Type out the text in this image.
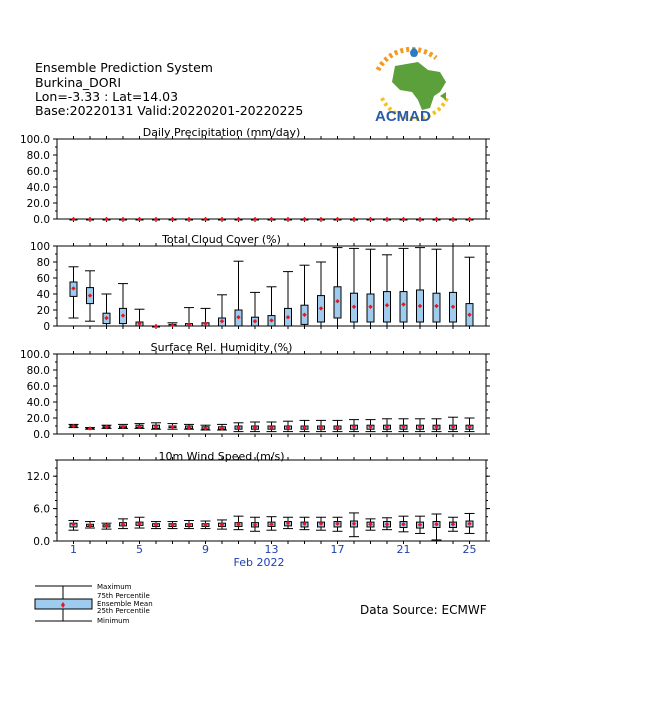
Ensemble Prediction System
Burkina_DORI
Lon=-3.33 : Lat=14.03
Base:20220131 Valid:20220201-20220225	ACMAD
Daily Precipitation (mm/day)
0.0
20.0
40.0
60.0
80.0
100.0
Total Cloud Cover (%)
0
20
40
60
80
100
Surface Rel. Humidity (%)
0.0
20.0
40.0
60.0
80.0
100.0
10m Wind Speed (m/s)
0.0
6.0
12.0
1	5	9	13	17	21	25
Feb 2022
Maximum
75th Percentile
Ensemble Mean
25th Percentile
Minimum
Data Source: ECMWF
